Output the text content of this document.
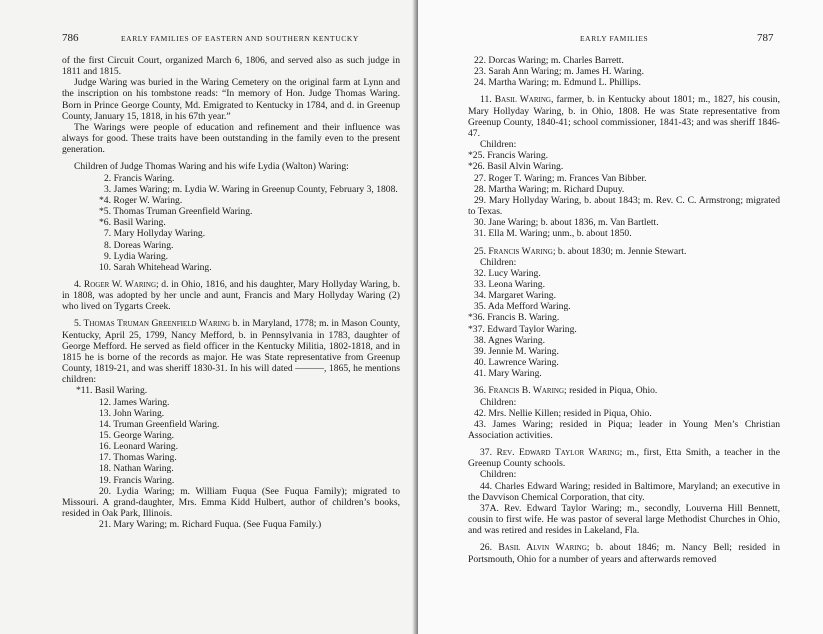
786	EARLY FAMILIES OF EASTERN AND SOUTHERN KENTUCKY	EARLY FAMILIES	787

of the first Circuit Court, organized March 6, 1806, and served also as such judge in 1811 and 1815.

Judge Waring was buried in the Waring Cemetery on the original farm at Lynn and the inscription on his tombstone reads: “In memory of Hon. Judge Thomas Waring. Born in Prince George County, Md. Emigrated to Kentucky in 1784, and d. in Greenup County, January 15, 1818, in his 67th year.”

The Warings were people of education and refinement and their influence was always for good. These traits have been outstanding in the family even to the present generation.

Children of Judge Thomas Waring and his wife Lydia (Walton) Waring:

2. Francis Waring.

3. James Waring; m. Lydia W. Waring in Greenup County, February 3, 1808.

*4. Roger W. Waring.

*5. Thomas Truman Greenfield Waring.

*6. Basil Waring.

7. Mary Hollyday Waring.

8. Doreas Waring.

9. Lydia Waring.

10. Sarah Whitehead Waring.

4. Roger W. Waring; d. in Ohio, 1816, and his daughter, Mary Hollyday Waring, b. in 1808, was adopted by her uncle and aunt, Francis and Mary Hollyday Waring (2) who lived on Tygarts Creek.

5. Thomas Truman Greenfield Waring b. in Maryland, 1778; m. in Mason County, Kentucky, April 25, 1799, Nancy Mefford, b. in Pennsylvania in 1783, daughter of George Mefford. He served as field officer in the Kentucky Militia, 1802-1818, and in 1815 he is borne of the records as major. He was State representative from Greenup County, 1819-21, and was sheriff 1830-31. In his will dated ———, 1865, he mentions children:

*11. Basil Waring.

12. James Waring.

13. John Waring.

14. Truman Greenfield Waring.

15. George Waring.

16. Leonard Waring.

17. Thomas Waring.

18. Nathan Waring.

19. Francis Waring.

20. Lydia Waring; m. William Fuqua (See Fuqua Family); migrated to Missouri. A grand-daughter, Mrs. Emma Kidd Hulbert, author of children’s books, resided in Oak Park, Illinois.

21. Mary Waring; m. Richard Fuqua. (See Fuqua Family.)

22. Dorcas Waring; m. Charles Barrett.

23. Sarah Ann Waring; m. James H. Waring.

24. Martha Waring; m. Edmund L. Phillips.

11. Basil Waring, farmer, b. in Kentucky about 1801; m., 1827, his cousin, Mary Hollyday Waring, b. in Ohio, 1808. He was State representative from Greenup County, 1840-41; school commissioner, 1841-43; and was sheriff 1846-47.

Children:

*25. Francis Waring.

*26. Basil Alvin Waring.

27. Roger T. Waring; m. Frances Van Bibber.

28. Martha Waring; m. Richard Dupuy.

29. Mary Hollyday Waring, b. about 1843; m. Rev. C. C. Armstrong; migrated to Texas.

30. Jane Waring; b. about 1836, m. Van Bartlett.

31. Ella M. Waring; unm., b. about 1850.

25. Francis Waring; b. about 1830; m. Jennie Stewart.

Children:

32. Lucy Waring.

33. Leona Waring.

34. Margaret Waring.

35. Ada Mefford Waring.

*36. Francis B. Waring.

*37. Edward Taylor Waring.

38. Agnes Waring.

39. Jennie M. Waring.

40. Lawrence Waring.

41. Mary Waring.

36. Francis B. Waring; resided in Piqua, Ohio.

Children:

42. Mrs. Nellie Killen; resided in Piqua, Ohio.

43. James Waring; resided in Piqua; leader in Young Men’s Christian Association activities.

37. Rev. Edward Taylor Waring; m., first, Etta Smith, a teacher in the Greenup County schools.

Children:

44. Charles Edward Waring; resided in Baltimore, Maryland; an executive in the Davvison Chemical Corporation, that city.

37A. Rev. Edward Taylor Waring; m., secondly, Louverna Hill Bennett, cousin to first wife. He was pastor of several large Methodist Churches in Ohio, and was retired and resides in Lakeland, Fla.

26. Basil Alvin Waring; b. about 1846; m. Nancy Bell; resided in Portsmouth, Ohio for a number of years and afterwards removed
